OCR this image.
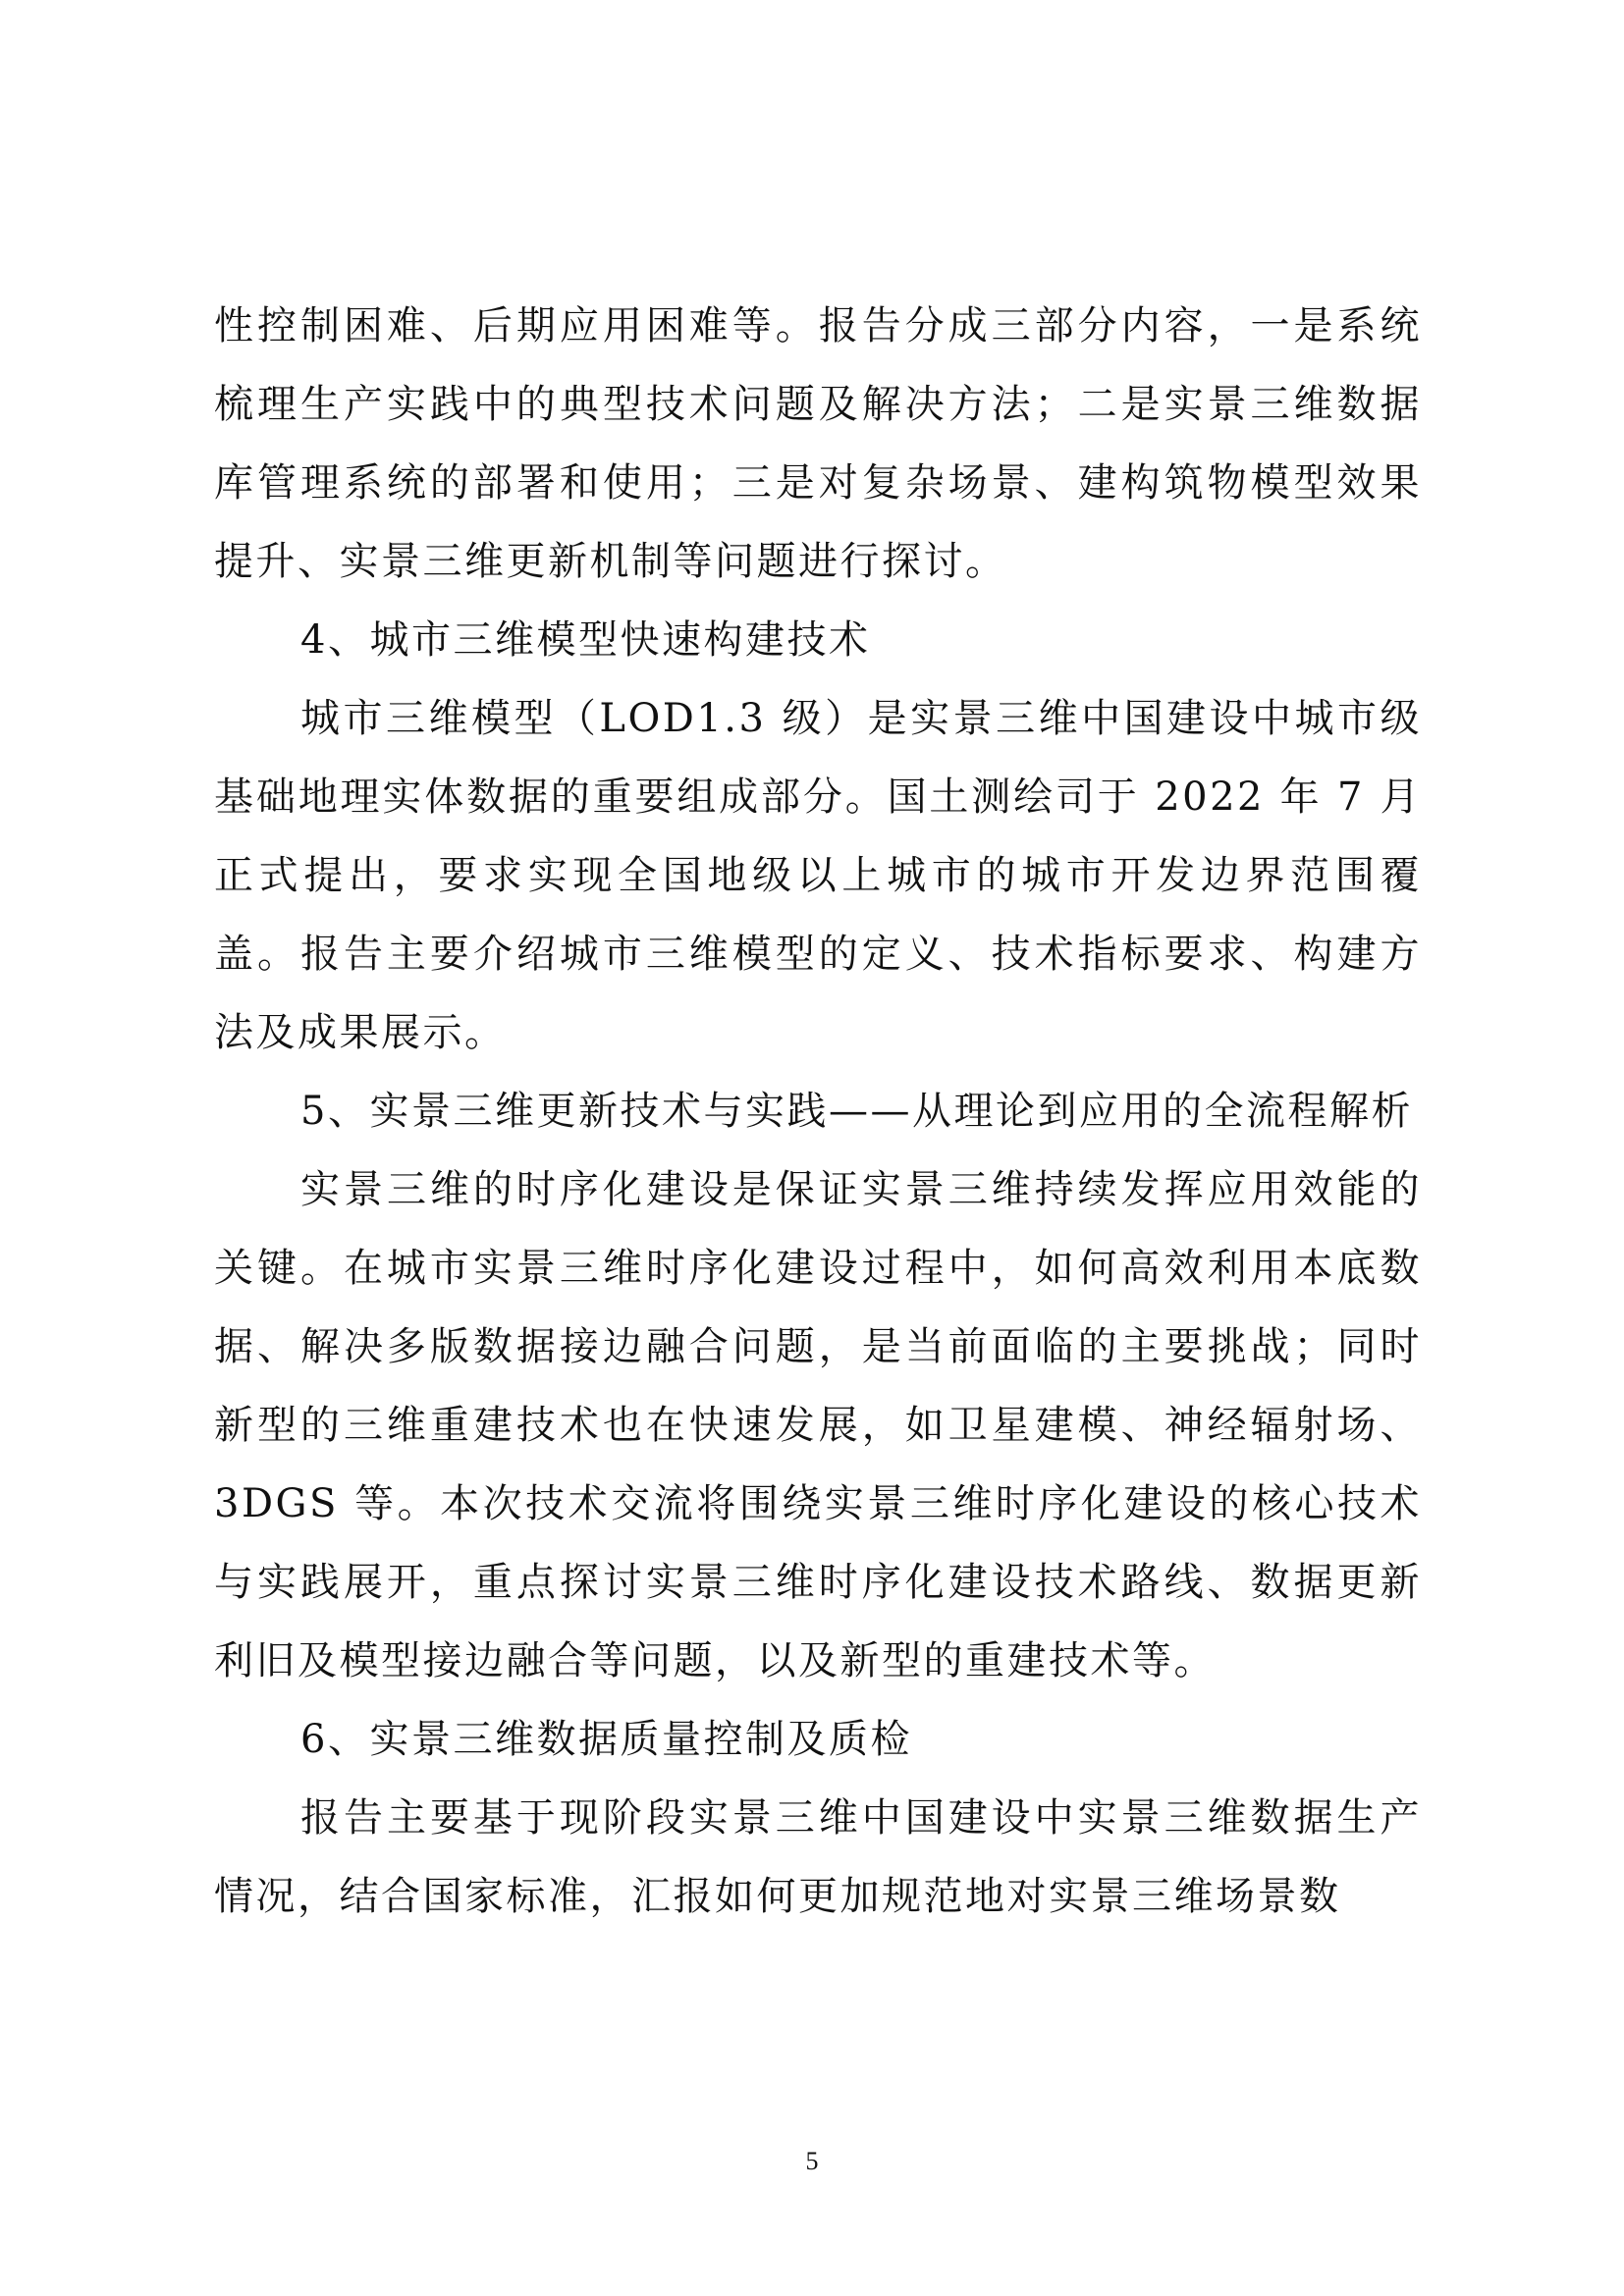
性控制困难、后期应用困难等。报告分成三部分内容，一是系统梳理生产实践中的典型技术问题及解决方法；二是实景三维数据库管理系统的部署和使用；三是对复杂场景、建构筑物模型效果提升、实景三维更新机制等问题进行探讨。

4、城市三维模型快速构建技术

城市三维模型（LOD1.3 级）是实景三维中国建设中城市级基础地理实体数据的重要组成部分。国土测绘司于 2022 年 7 月正式提出，要求实现全国地级以上城市的城市开发边界范围覆盖。报告主要介绍城市三维模型的定义、技术指标要求、构建方法及成果展示。

5、实景三维更新技术与实践——从理论到应用的全流程解析

实景三维的时序化建设是保证实景三维持续发挥应用效能的关键。在城市实景三维时序化建设过程中，如何高效利用本底数据、解决多版数据接边融合问题，是当前面临的主要挑战；同时新型的三维重建技术也在快速发展，如卫星建模、神经辐射场、3DGS 等。本次技术交流将围绕实景三维时序化建设的核心技术与实践展开，重点探讨实景三维时序化建设技术路线、数据更新利旧及模型接边融合等问题，以及新型的重建技术等。

6、实景三维数据质量控制及质检

报告主要基于现阶段实景三维中国建设中实景三维数据生产情况，结合国家标准，汇报如何更加规范地对实景三维场景数

5
